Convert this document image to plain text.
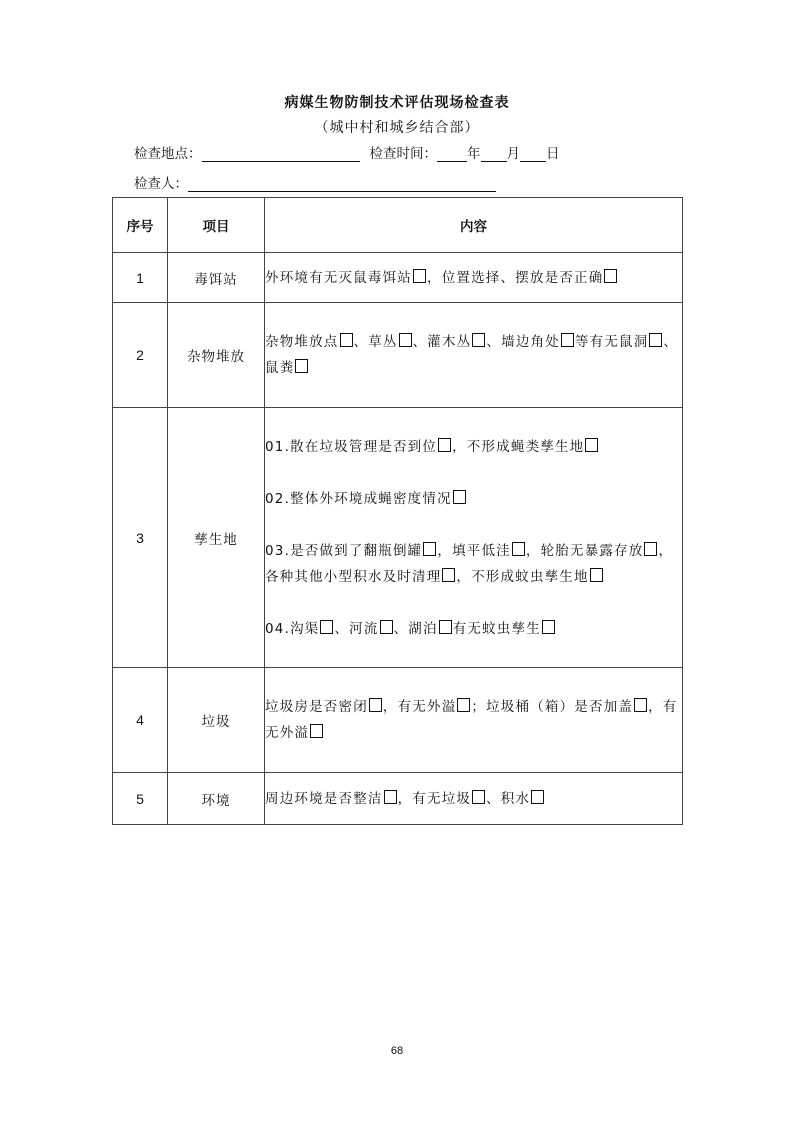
病媒生物防制技术评估现场检查表
（城中村和城乡结合部）
检查地点：	检查时间： 年 月 日
检查人：
序号	项目	内容
1	毒饵站	外环境有无灭鼠毒饵站 ，位置选择、摆放是否正确
2	杂物堆放	杂物堆放点 、草丛 、灌木丛 、墙边角处 等有无鼠洞 、鼠粪
3	孳生地	01.散在垃圾管理是否到位 ，不形成蝇类孳生地
02.整体外环境成蝇密度情况
03.是否做到了翻瓶倒罐 ，填平低洼 ，轮胎无暴露存放 ，各种其他小型积水及时清理 ，不形成蚊虫孳生地
04.沟渠 、河流 、湖泊 有无蚊虫孳生

4	垃圾	垃圾房是否密闭 ，有无外溢 ；垃圾桶（箱）是否加盖 ，有无外溢
5	环境	周边环境是否整洁 ，有无垃圾 、积水
68
